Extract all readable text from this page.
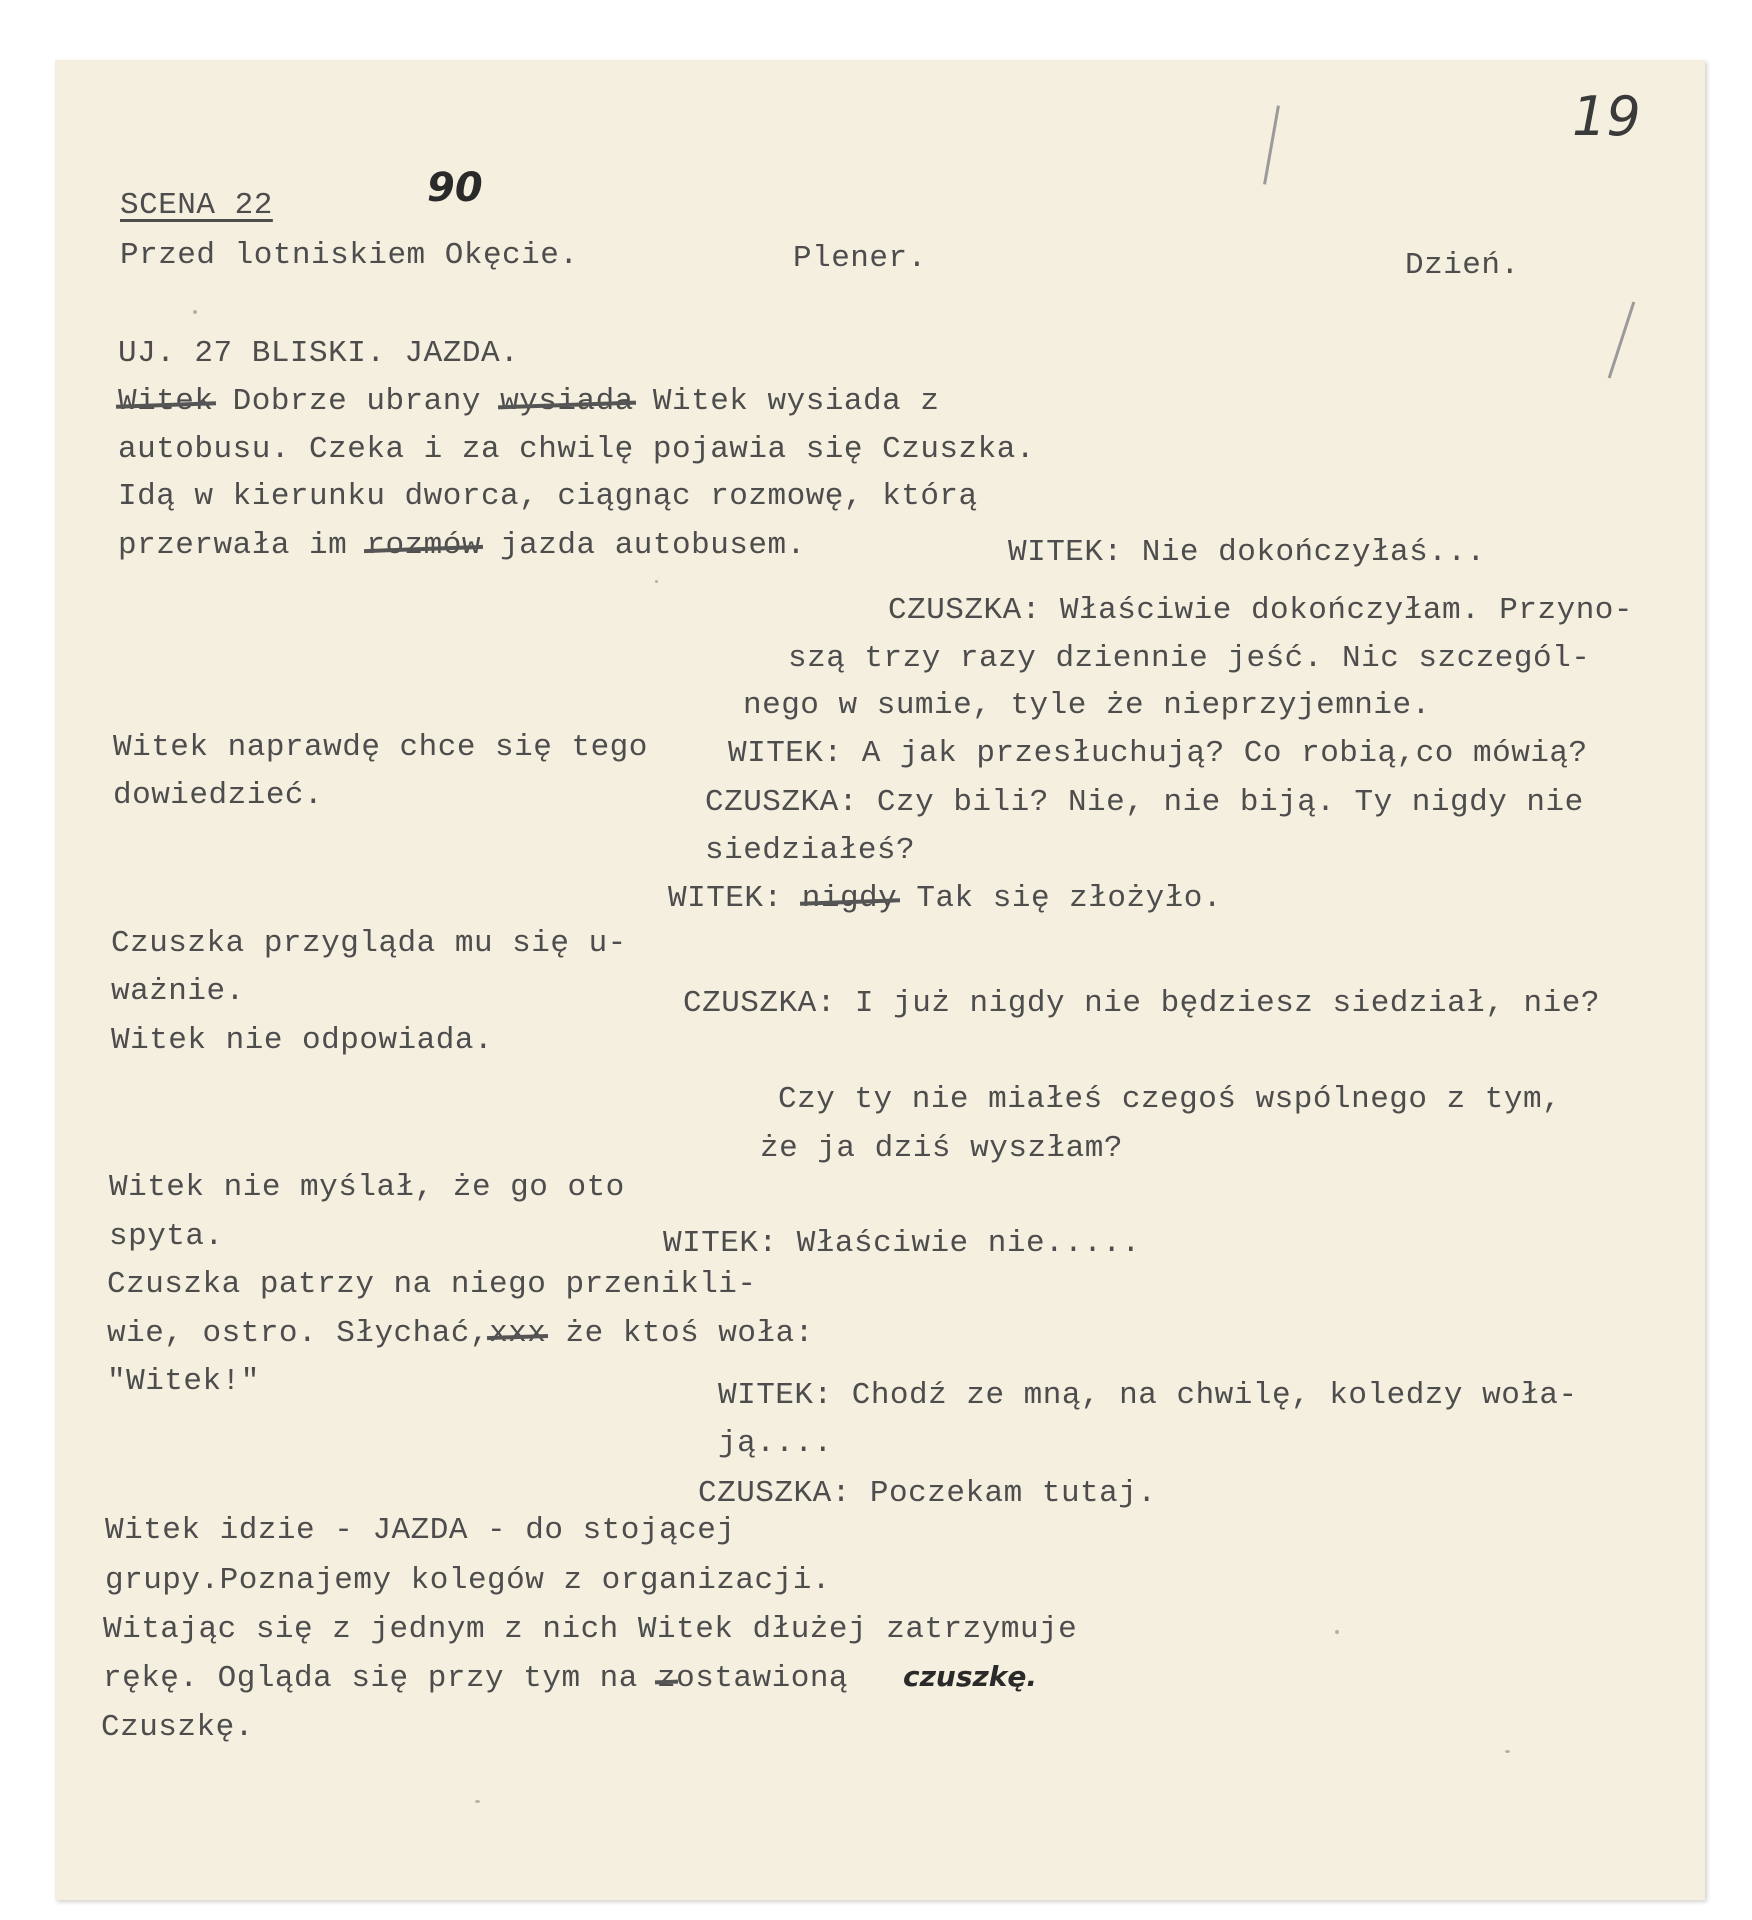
19
90
SCENA 22
Przed lotniskiem Okęcie.	Plener.	Dzień.
UJ. 27 BLISKI. JAZDA.
Witek Dobrze ubrany wysiada Witek wysiada z
autobusu. Czeka i za chwilę pojawia się Czuszka.
Idą w kierunku dworca, ciągnąc rozmowę, którą
przerwała im rozmów jazda autobusem.	WITEK: Nie dokończyłaś...
CZUSZKA: Właściwie dokończyłam. Przyno-
szą trzy razy dziennie jeść. Nic szczegól-
nego w sumie, tyle że nieprzyjemnie.
WITEK: A jak przesłuchują? Co robią,co mówią?
CZUSZKA: Czy bili? Nie, nie biją. Ty nigdy nie
siedziałeś?
WITEK: nigdy Tak się złożyło.
CZUSZKA: I już nigdy nie będziesz siedział, nie?
Czy ty nie miałeś czegoś wspólnego z tym,
że ja dziś wyszłam?
WITEK: Właściwie nie.....
WITEK: Chodź ze mną, na chwilę, koledzy woła-
ją....
CZUSZKA: Poczekam tutaj.
Witek naprawdę chce się tego
dowiedzieć.
Czuszka przygląda mu się u-
ważnie.
Witek nie odpowiada.
Witek nie myślał, że go oto
spyta.
Czuszka patrzy na niego przenikli-
wie, ostro. Słychać,xxx że ktoś woła:
"Witek!"
Witek idzie - JAZDA - do stojącej
grupy.Poznajemy kolegów z organizacji.
Witając się z jednym z nich Witek dłużej zatrzymuje
rękę. Ogląda się przy tym na zostawioną czuszkę.
Czuszkę.
